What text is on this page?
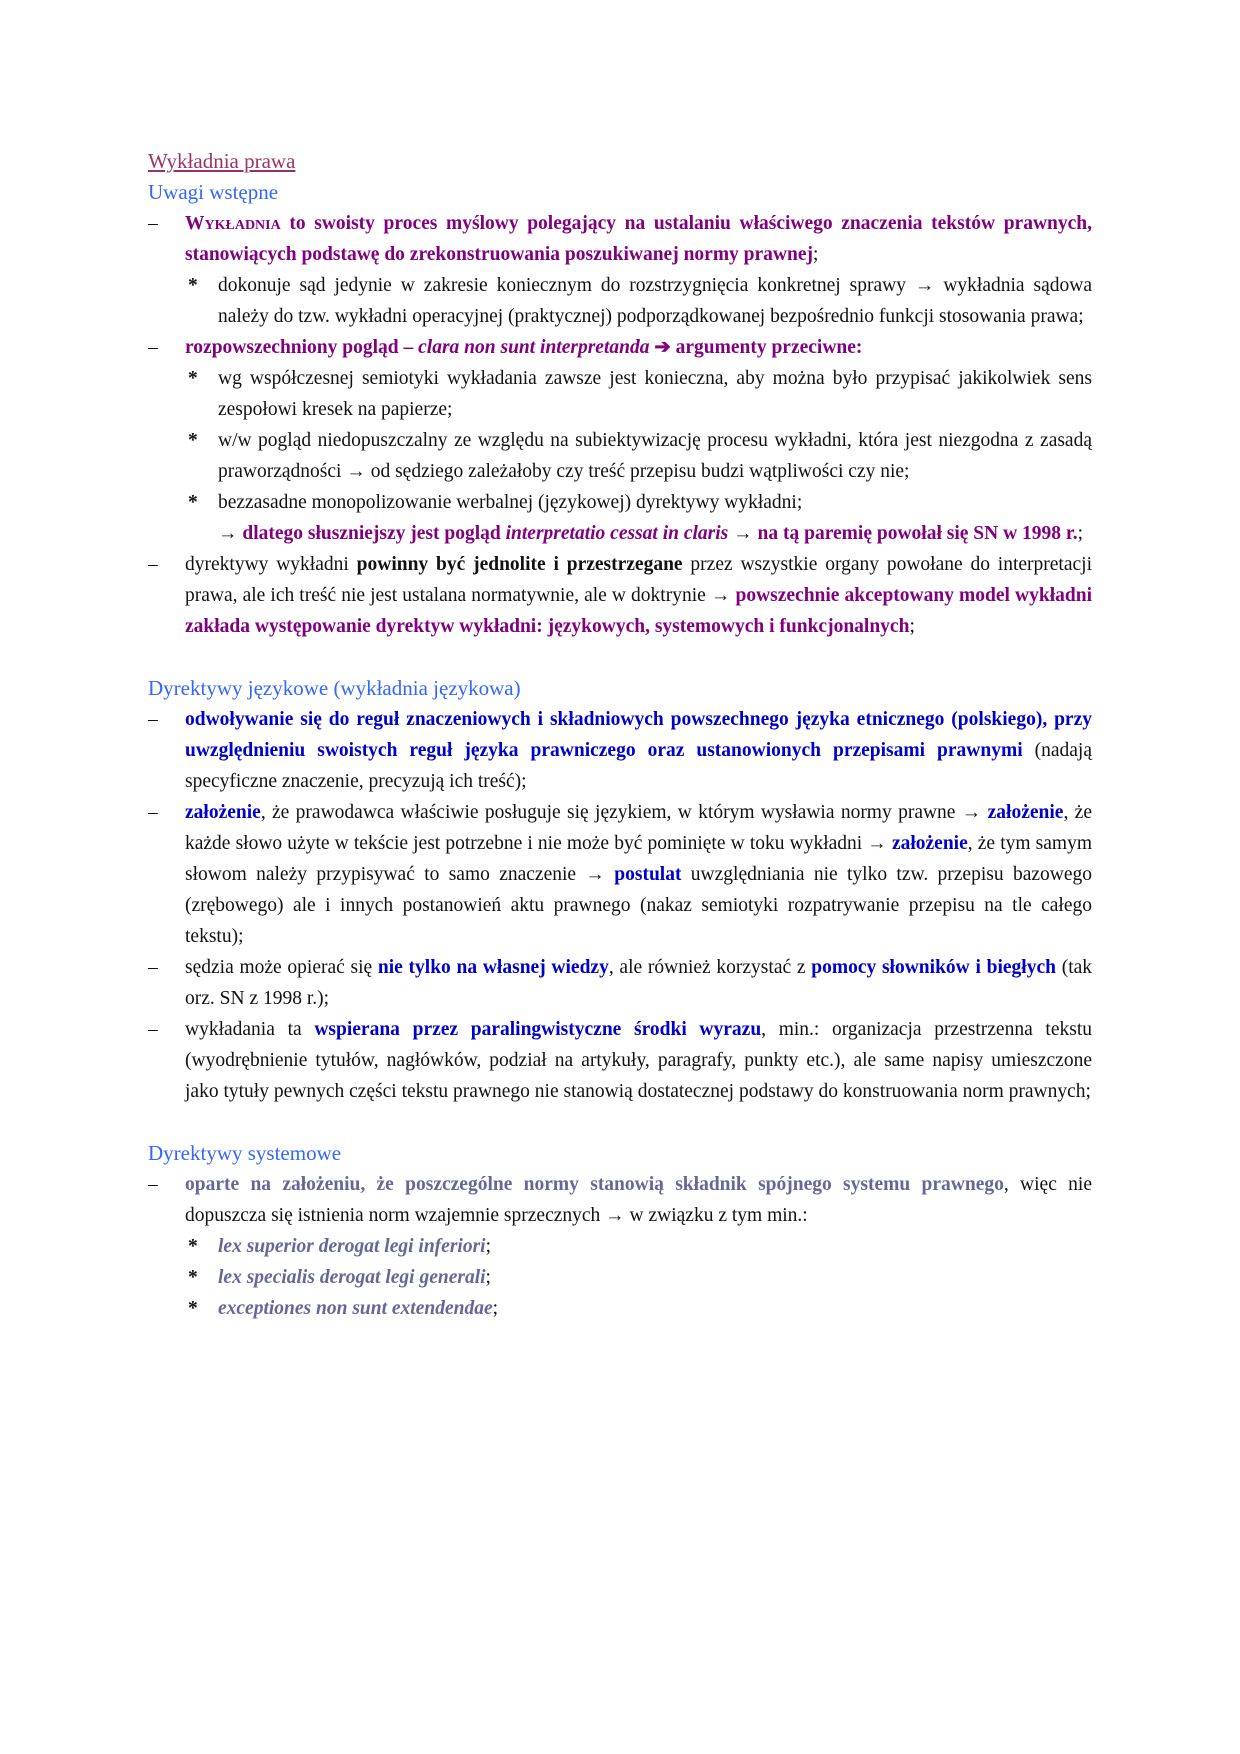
Wykładnia prawa
Uwagi wstępne
– Wykładnia to swoisty proces myślowy polegający na ustalaniu właściwego znaczenia tekstów prawnych, stanowiących podstawę do zrekonstruowania poszukiwanej normy prawnej;
* dokonuje sąd jedynie w zakresie koniecznym do rozstrzygnięcia konkretnej sprawy → wykładnia sądowa należy do tzw. wykładni operacyjnej (praktycznej) podporządkowanej bezpośrednio funkcji stosowania prawa;
– rozpowszechniony pogląd – clara non sunt interpretanda ➔ argumenty przeciwne:
* wg współczesnej semiotyki wykładania zawsze jest konieczna, aby można było przypisać jakikolwiek sens zespołowi kresek na papierze;
* w/w pogląd niedopuszczalny ze względu na subiektywizację procesu wykładni, która jest niezgodna z zasadą praworządności → od sędziego zależałoby czy treść przepisu budzi wątpliwości czy nie;
* bezzasadne monopolizowanie werbalnej (językowej) dyrektywy wykładni;
→ dlatego słuszniejszy jest pogląd interpretatio cessat in claris → na tą paremię powołał się SN w 1998 r.;
– dyrektywy wykładni powinny być jednolite i przestrzegane przez wszystkie organy powołane do interpretacji prawa, ale ich treść nie jest ustalana normatywnie, ale w doktrynie → powszechnie akceptowany model wykładni zakłada występowanie dyrektyw wykładni: językowych, systemowych i funkcjonalnych;
Dyrektywy językowe (wykładnia językowa)
– odwoływanie się do reguł znaczeniowych i składniowych powszechnego języka etnicznego (polskiego), przy uwzględnieniu swoistych reguł języka prawniczego oraz ustanowionych przepisami prawnymi (nadają specyficzne znaczenie, precyzują ich treść);
– założenie, że prawodawca właściwie posługuje się językiem, w którym wysławia normy prawne → założenie, że każde słowo użyte w tekście jest potrzebne i nie może być pominięte w toku wykładni → założenie, że tym samym słowom należy przypisywać to samo znaczenie → postulat uwzględniania nie tylko tzw. przepisu bazowego (zrębowego) ale i innych postanowień aktu prawnego (nakaz semiotyki rozpatrywanie przepisu na tle całego tekstu);
– sędzia może opierać się nie tylko na własnej wiedzy, ale również korzystać z pomocy słowników i biegłych (tak orz. SN z 1998 r.);
– wykładania ta wspierana przez paralingwistyczne środki wyrazu, min.: organizacja przestrzenna tekstu (wyodrębnienie tytułów, nagłówków, podział na artykuły, paragrafy, punkty etc.), ale same napisy umieszczone jako tytuły pewnych części tekstu prawnego nie stanowią dostatecznej podstawy do konstruowania norm prawnych;
Dyrektywy systemowe
– oparte na założeniu, że poszczególne normy stanowią składnik spójnego systemu prawnego, więc nie dopuszcza się istnienia norm wzajemnie sprzecznych → w związku z tym min.:
* lex superior derogat legi inferiori;
* lex specialis derogat legi generali;
* exceptiones non sunt extendendae;
